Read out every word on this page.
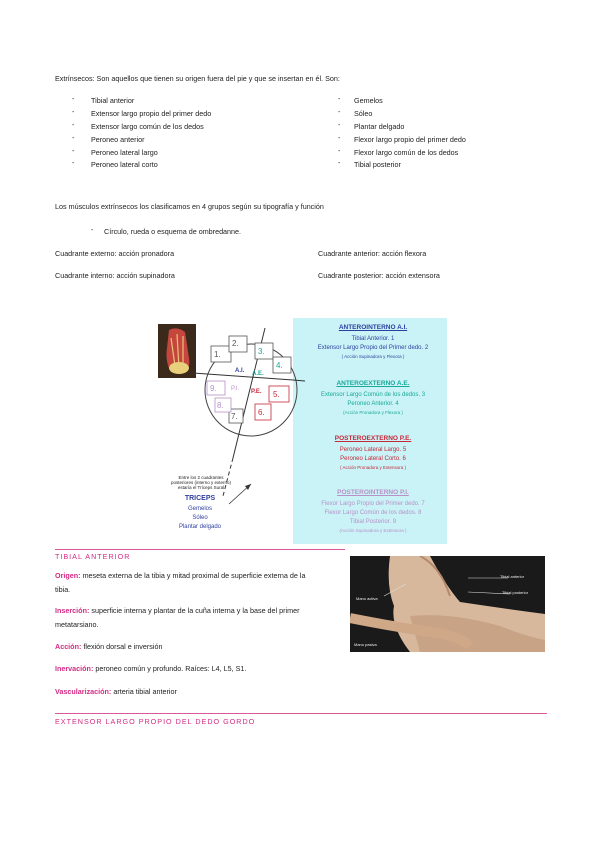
Extrínsecos: Son aquellos que tienen su origen fuera del pie y que se insertan en él. Son:
- Tibial anterior
- Extensor largo propio del primer dedo
- Extensor largo común de los dedos
- Peroneo anterior
- Peroneo lateral largo
- Peroneo lateral corto
- Gemelos
- Sóleo
- Plantar delgado
- Flexor largo propio del primer dedo
- Flexor largo común de los dedos
- Tibial posterior
Los músculos extrínsecos los clasificamos en 4 grupos según su tipografía y función
- Círculo, rueda o esquema de ombredanne.
Cuadrante externo: acción pronadora	Cuadrante anterior: acción flexora
Cuadrante interno: acción supinadora	Cuadrante posterior: acción extensora
1.
2.
3.
4.
5.
6.
7.
8.
9.
A.I. A.E.
P.I. P.E.
Entre los 2 cuadrantes
posteriores (interno y externo)
estaría el Tríceps Sural
TRICEPS
Gemelos
Sóleo
Plantar delgado
ANTEROINTERNO A.I.
Tibial Anterior. 1
Extensor Largo Propio del Primer dedo. 2
( Acción Supinadora y Flexora )
ANTEROEXTERNO A.E.
Extensor Largo Común de los dedos. 3
Peroneo Anterior. 4
(Acción Pronadora y Flexora )
POSTEROEXTERNO P.E.
Peroneo Lateral Largo. 5
Peroneo Lateral Corto. 6
( Acción Pronadora y Extensora )
POSTEROINTERNO P.I.
Flexor Largo Propio del Primer dedo. 7
Flexor Largo Común de los dedos. 8
Tibial Posterior. 9
(Acción Supinadora y Extensora )
TIBIAL ANTERIOR
Origen: meseta externa de la tibia y mitad proximal de superficie externa de la
tibia.
Inserción: superficie interna y plantar de la cuña interna y la base del primer
metatarsiano.
Acción: flexión dorsal e inversión
Inervación: peroneo común y profundo. Raíces: L4, L5, S1.
Vascularización: arteria tibial anterior
Tibial anterior
Tibial posterior
Mano activa
Mano pasiva
EXTENSOR LARGO PROPIO DEL DEDO GORDO
